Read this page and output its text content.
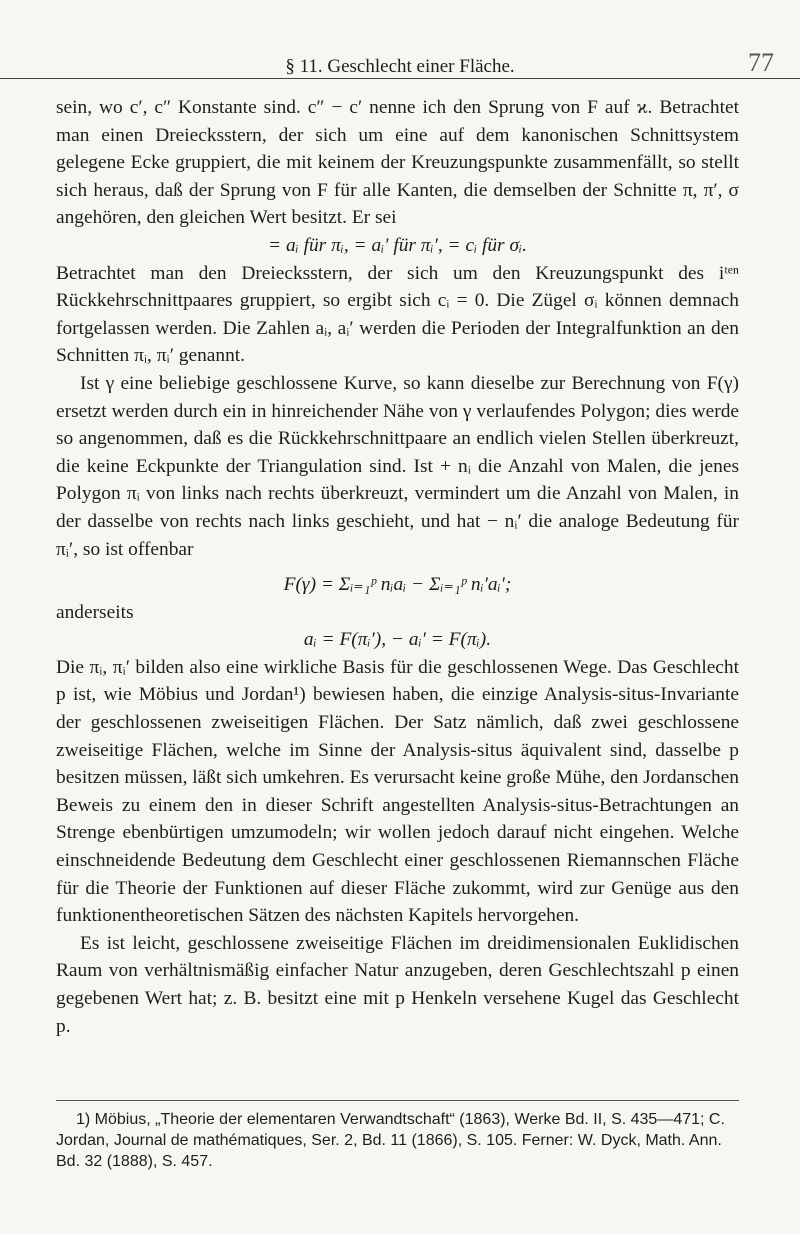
§ 11. Geschlecht einer Fläche.	77

sein, wo c′, c″ Konstante sind. c″ − c′ nenne ich den Sprung von F auf ϰ. Betrachtet man einen Dreiecksstern, der sich um eine auf dem kanonischen Schnittsystem gelegene Ecke gruppiert, die mit keinem der Kreuzungspunkte zusammenfällt, so stellt sich heraus, daß der Sprung von F für alle Kanten, die demselben der Schnitte π, π′, σ angehören, den gleichen Wert besitzt. Er sei

= aᵢ für πᵢ, = aᵢ′ für πᵢ′, = cᵢ für σᵢ.

Betrachtet man den Dreiecksstern, der sich um den Kreuzungspunkt des iᵗᵉⁿ Rückkehrschnittpaares gruppiert, so ergibt sich cᵢ = 0. Die Zügel σᵢ können demnach fortgelassen werden. Die Zahlen aᵢ, aᵢ′ werden die Perioden der Integralfunktion an den Schnitten πᵢ, πᵢ′ genannt.

Ist γ eine beliebige geschlossene Kurve, so kann dieselbe zur Berechnung von F(γ) ersetzt werden durch ein in hinreichender Nähe von γ verlaufendes Polygon; dies werde so angenommen, daß es die Rückkehrschnittpaare an endlich vielen Stellen überkreuzt, die keine Eckpunkte der Triangulation sind. Ist + nᵢ die Anzahl von Malen, die jenes Polygon πᵢ von links nach rechts überkreuzt, vermindert um die Anzahl von Malen, in der dasselbe von rechts nach links geschieht, und hat − nᵢ′ die analoge Bedeutung für πᵢ′, so ist offenbar

F(γ) = Σᵢ₌₁ᵖ nᵢaᵢ − Σᵢ₌₁ᵖ nᵢ′aᵢ′;

anderseits

aᵢ = F(πᵢ′), − aᵢ′ = F(πᵢ).

Die πᵢ, πᵢ′ bilden also eine wirkliche Basis für die geschlossenen Wege. Das Geschlecht p ist, wie Möbius und Jordan¹) bewiesen haben, die einzige Analysis-situs-Invariante der geschlossenen zweiseitigen Flächen. Der Satz nämlich, daß zwei geschlossene zweiseitige Flächen, welche im Sinne der Analysis-situs äquivalent sind, dasselbe p besitzen müssen, läßt sich umkehren. Es verursacht keine große Mühe, den Jordanschen Beweis zu einem den in dieser Schrift angestellten Analysis-situs-Betrachtungen an Strenge ebenbürtigen umzumodeln; wir wollen jedoch darauf nicht eingehen. Welche einschneidende Bedeutung dem Geschlecht einer geschlossenen Riemannschen Fläche für die Theorie der Funktionen auf dieser Fläche zukommt, wird zur Genüge aus den funktionentheoretischen Sätzen des nächsten Kapitels hervorgehen.

Es ist leicht, geschlossene zweiseitige Flächen im dreidimensionalen Euklidischen Raum von verhältnismäßig einfacher Natur anzugeben, deren Geschlechtszahl p einen gegebenen Wert hat; z. B. besitzt eine mit p Henkeln versehene Kugel das Geschlecht p.

1) Möbius, „Theorie der elementaren Verwandtschaft“ (1863), Werke Bd. II, S. 435—471; C. Jordan, Journal de mathématiques, Ser. 2, Bd. 11 (1866), S. 105. Ferner: W. Dyck, Math. Ann. Bd. 32 (1888), S. 457.
